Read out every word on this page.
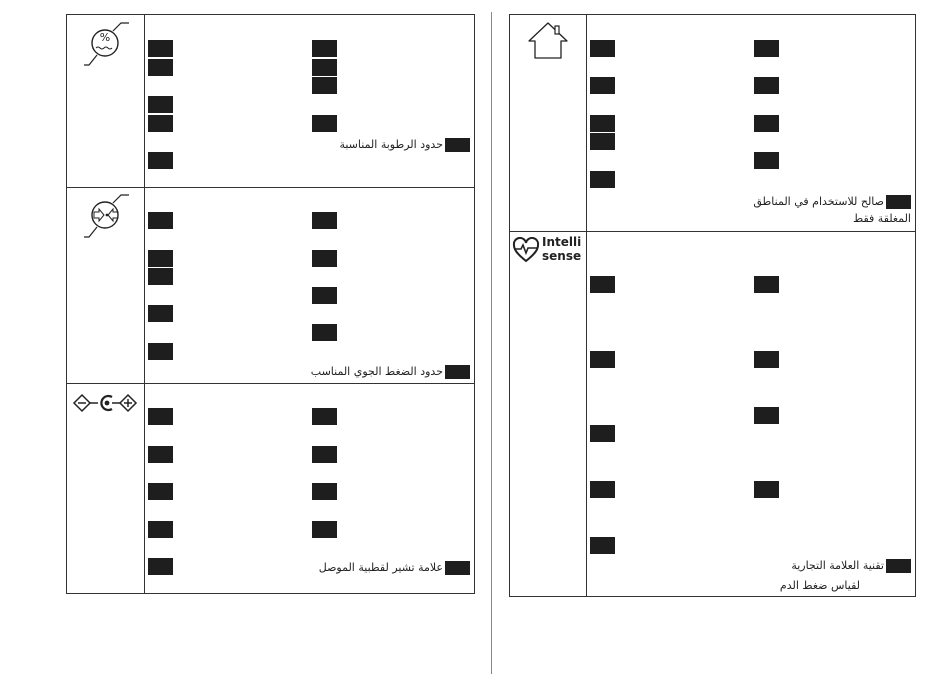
%
حدود الرطوبة المناسبة
حدود الضغط الجوي المناسب
علامة تشير لقطبية الموصل
صالح للاستخدام في المناطق
المغلقة فقط
Intelli
sense
تقنية العلامة التجارية
لقياس ضغط الدم
